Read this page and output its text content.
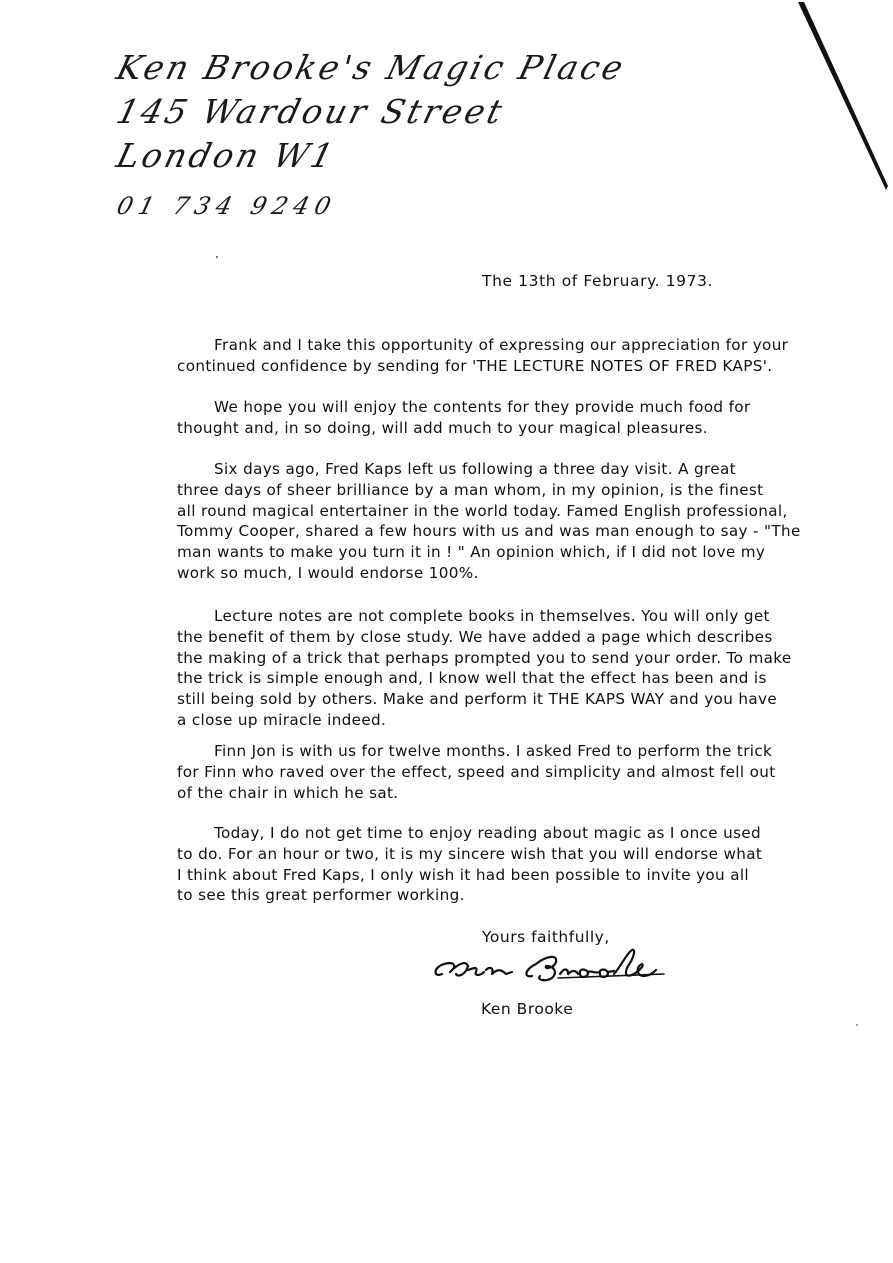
Ken Brooke's Magic Place
145 Wardour Street
London W1
01 734 9240
The 13th of February. 1973.
Frank and I take this opportunity of expressing our appreciation for your
continued confidence by sending for 'THE LECTURE NOTES OF FRED KAPS'.
We hope you will enjoy the contents for they provide much food for
thought and, in so doing, will add much to your magical pleasures.
Six days ago, Fred Kaps left us following a three day visit. A great
three days of sheer brilliance by a man whom, in my opinion, is the finest
all round magical entertainer in the world today. Famed English professional,
Tommy Cooper, shared a few hours with us and was man enough to say - "The
man wants to make you turn it in ! " An opinion which, if I did not love my
work so much, I would endorse 100%.
Lecture notes are not complete books in themselves. You will only get
the benefit of them by close study. We have added a page which describes
the making of a trick that perhaps prompted you to send your order. To make
the trick is simple enough and, I know well that the effect has been and is
still being sold by others. Make and perform it THE KAPS WAY and you have
a close up miracle indeed.
Finn Jon is with us for twelve months. I asked Fred to perform the trick
for Finn who raved over the effect, speed and simplicity and almost fell out
of the chair in which he sat.
Today, I do not get time to enjoy reading about magic as I once used
to do. For an hour or two, it is my sincere wish that you will endorse what
I think about Fred Kaps, I only wish it had been possible to invite you all
to see this great performer working.
Yours faithfully,
Ken Brooke
